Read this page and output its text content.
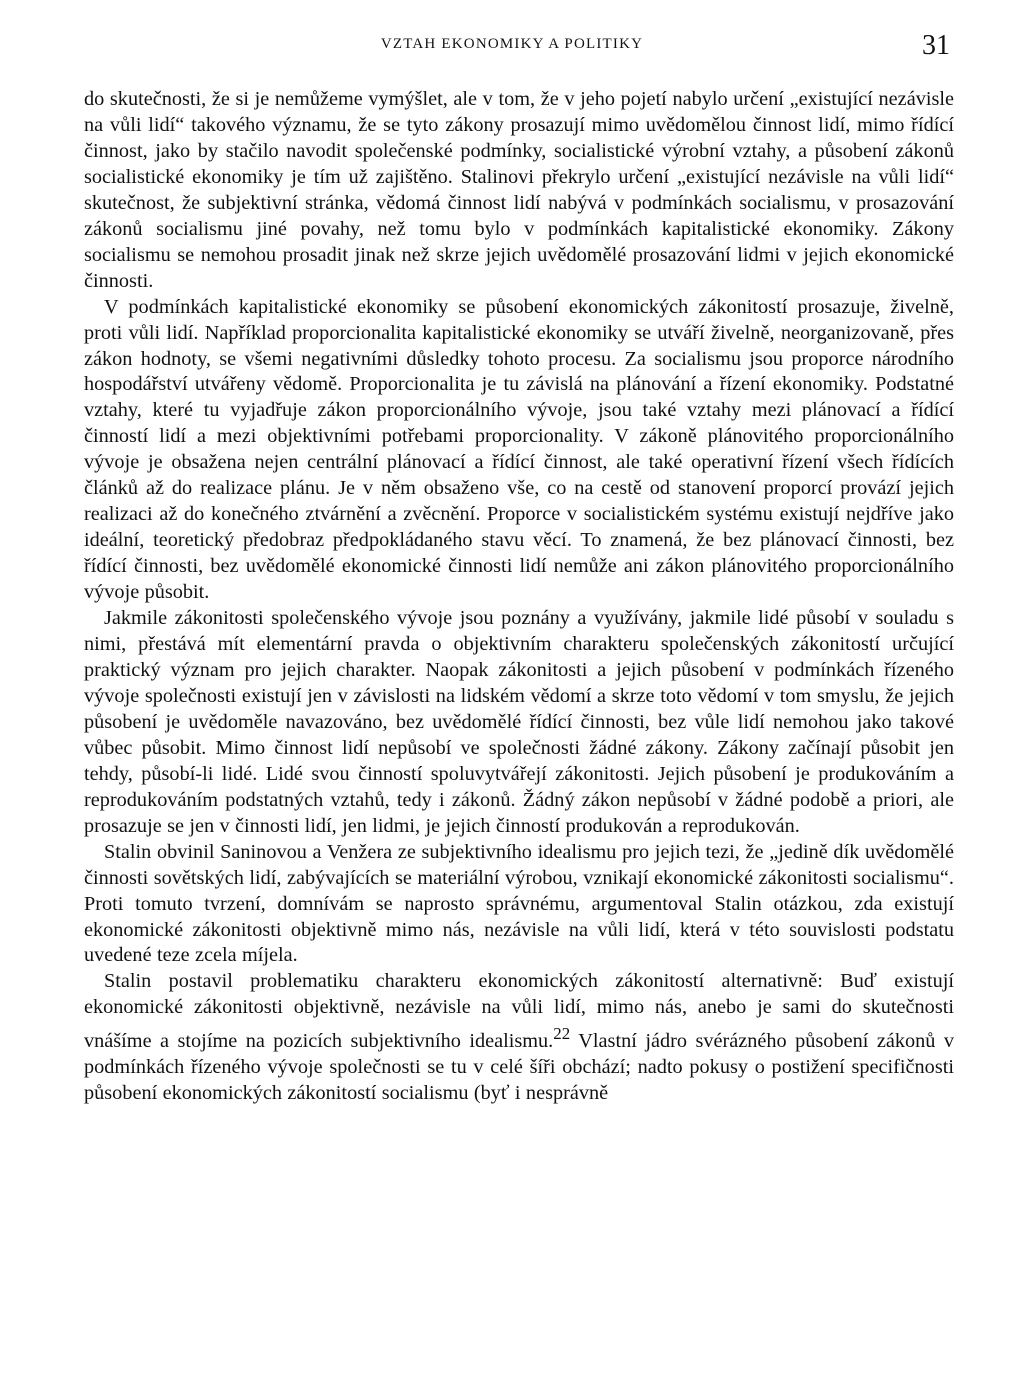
VZTAH EKONOMIKY A POLITIKY	31

do skutečnosti, že si je nemůžeme vymýšlet, ale v tom, že v jeho pojetí nabylo určení „existující nezávisle na vůli lidí“ takového významu, že se tyto zákony prosazují mimo uvědomělou činnost lidí, mimo řídící činnost, jako by stačilo navodit společenské podmínky, socialistické výrobní vztahy, a působení zákonů socialistické ekonomiky je tím už zajištěno. Stalinovi překrylo určení „existující nezávisle na vůli lidí“ skutečnost, že subjektivní stránka, vědomá činnost lidí nabývá v podmínkách socialismu, v prosazování zákonů socialismu jiné povahy, než tomu bylo v podmínkách kapitalistické ekonomiky. Zákony socialismu se nemohou prosadit jinak než skrze jejich uvědomělé prosazování lidmi v jejich ekonomické činnosti.

V podmínkách kapitalistické ekonomiky se působení ekonomických zákonitostí prosazuje, živelně, proti vůli lidí. Například proporcionalita kapitalistické ekonomiky se utváří živelně, neorganizovaně, přes zákon hodnoty, se všemi negativními důsledky tohoto procesu. Za socialismu jsou proporce národního hospodářství utvářeny vědomě. Proporcionalita je tu závislá na plánování a řízení ekonomiky. Podstatné vztahy, které tu vyjadřuje zákon proporcionálního vývoje, jsou také vztahy mezi plánovací a řídící činností lidí a mezi objektivními potřebami proporcionality. V zákoně plánovitého proporcionálního vývoje je obsažena nejen centrální plánovací a řídící činnost, ale také operativní řízení všech řídících článků až do realizace plánu. Je v něm obsaženo vše, co na cestě od stanovení proporcí provází jejich realizaci až do konečného ztvárnění a zvěcnění. Proporce v socialistickém systému existují nejdříve jako ideální, teoretický předobraz předpokládaného stavu věcí. To znamená, že bez plánovací činnosti, bez řídící činnosti, bez uvědomělé ekonomické činnosti lidí nemůže ani zákon plánovitého proporcionálního vývoje působit.

Jakmile zákonitosti společenského vývoje jsou poznány a využívány, jakmile lidé působí v souladu s nimi, přestává mít elementární pravda o objektivním charakteru společenských zákonitostí určující praktický význam pro jejich charakter. Naopak zákonitosti a jejich působení v podmínkách řízeného vývoje společnosti existují jen v závislosti na lidském vědomí a skrze toto vědomí v tom smyslu, že jejich působení je uvědoměle navazováno, bez uvědomělé řídící činnosti, bez vůle lidí nemohou jako takové vůbec působit. Mimo činnost lidí nepůsobí ve společnosti žádné zákony. Zákony začínají působit jen tehdy, působí-li lidé. Lidé svou činností spoluvytvářejí zákonitosti. Jejich působení je produkováním a reprodukováním podstatných vztahů, tedy i zákonů. Žádný zákon nepůsobí v žádné podobě a priori, ale prosazuje se jen v činnosti lidí, jen lidmi, je jejich činností produkován a reprodukován.

Stalin obvinil Saninovou a Venžera ze subjektivního idealismu pro jejich tezi, že „jedině dík uvědomělé činnosti sovětských lidí, zabývajících se materiální výrobou, vznikají ekonomické zákonitosti socialismu“. Proti tomuto tvrzení, domnívám se naprosto správnému, argumentoval Stalin otázkou, zda existují ekonomické zákonitosti objektivně mimo nás, nezávisle na vůli lidí, která v této souvislosti podstatu uvedené teze zcela míjela.

Stalin postavil problematiku charakteru ekonomických zákonitostí alternativně: Buď existují ekonomické zákonitosti objektivně, nezávisle na vůli lidí, mimo nás, anebo je sami do skutečnosti vnášíme a stojíme na pozicích subjektivního idealismu.$^{22}$ Vlastní jádro svérázného působení zákonů v podmínkách řízeného vývoje společnosti se tu v celé šíři obchází; nadto pokusy o postižení specifičnosti působení ekonomických zákonitostí socialismu (byť i nesprávně
